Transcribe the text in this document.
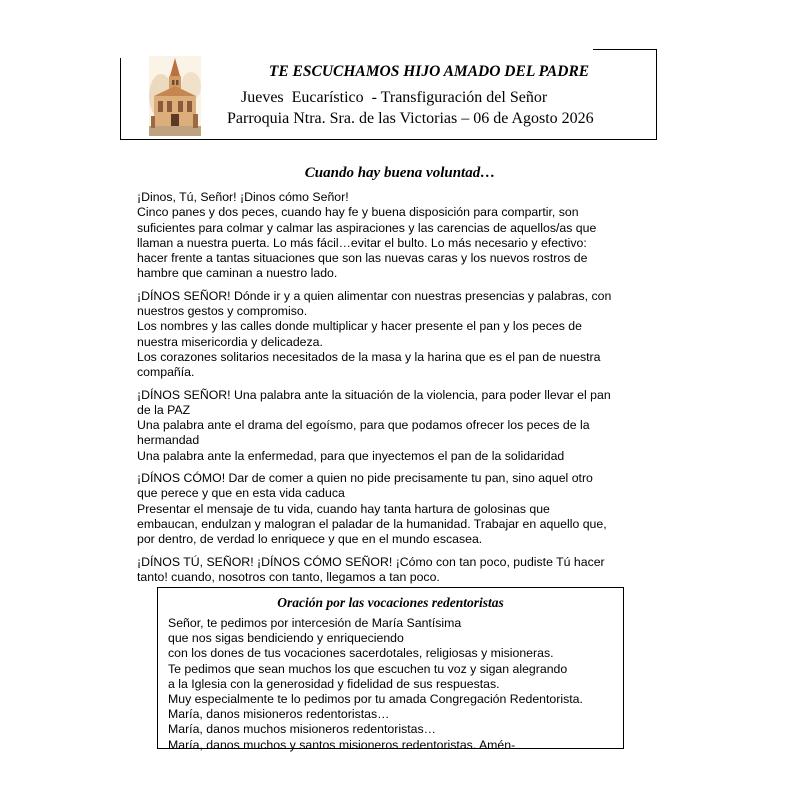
TE ESCUCHAMOS HIJO AMADO DEL PADRE
Jueves  Eucarístico  - Transfiguración del Señor
Parroquia Ntra. Sra. de las Victorias – 06 de Agosto 2026
Cuando hay buena voluntad…

¡Dinos, Tú, Señor! ¡Dinos cómo Señor!
Cinco panes y dos peces, cuando hay fe y buena disposición para compartir, son
suficientes para colmar y calmar las aspiraciones y las carencias de aquellos/as que
llaman a nuestra puerta. Lo más fácil…evitar el bulto. Lo más necesario y efectivo:
hacer frente a tantas situaciones que son las nuevas caras y los nuevos rostros de
hambre que caminan a nuestro lado.

¡DÍNOS SEÑOR! Dónde ir y a quien alimentar con nuestras presencias y palabras, con
nuestros gestos y compromiso.
Los nombres y las calles donde multiplicar y hacer presente el pan y los peces de
nuestra misericordia y delicadeza.
Los corazones solitarios necesitados de la masa y la harina que es el pan de nuestra
compañía.

¡DÍNOS SEÑOR! Una palabra ante la situación de la violencia, para poder llevar el pan
de la PAZ
Una palabra ante el drama del egoísmo, para que podamos ofrecer los peces de la
hermandad
Una palabra ante la enfermedad, para que inyectemos el pan de la solidaridad

¡DÍNOS CÓMO! Dar de comer a quien no pide precisamente tu pan, sino aquel otro
que perece y que en esta vida caduca
Presentar el mensaje de tu vida, cuando hay tanta hartura de golosinas que
embaucan, endulzan y malogran el paladar de la humanidad. Trabajar en aquello que,
por dentro, de verdad lo enriquece y que en el mundo escasea.

¡DÍNOS TÚ, SEÑOR! ¡DÍNOS CÓMO SEÑOR! ¡Cómo con tan poco, pudiste Tú hacer
tanto! cuando, nosotros con tanto, llegamos a tan poco.

Oración por las vocaciones redentoristas
Señor, te pedimos por intercesión de María Santísima
que nos sigas bendiciendo y enriqueciendo
con los dones de tus vocaciones sacerdotales, religiosas y misioneras.
Te pedimos que sean muchos los que escuchen tu voz y sigan alegrando
a la Iglesia con la generosidad y fidelidad de sus respuestas.
Muy especialmente te lo pedimos por tu amada Congregación Redentorista.
María, danos misioneros redentoristas…
María, danos muchos misioneros redentoristas…
María, danos muchos y santos misioneros redentoristas. Amén-
